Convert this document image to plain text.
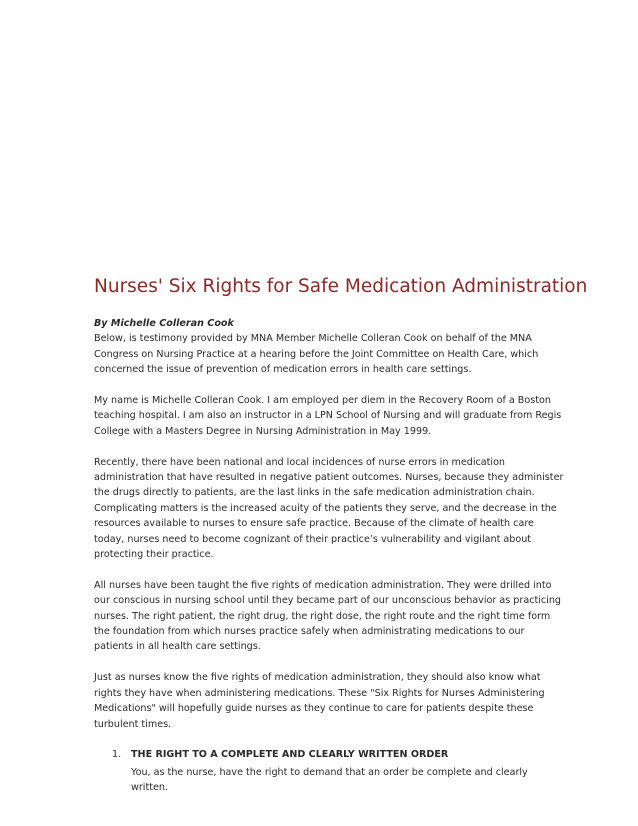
Nurses' Six Rights for Safe Medication Administration

By Michelle Colleran Cook

Below, is testimony provided by MNA Member Michelle Colleran Cook on behalf of the MNA Congress on Nursing Practice at a hearing before the Joint Committee on Health Care, which concerned the issue of prevention of medication errors in health care settings.

My name is Michelle Colleran Cook. I am employed per diem in the Recovery Room of a Boston teaching hospital. I am also an instructor in a LPN School of Nursing and will graduate from Regis College with a Masters Degree in Nursing Administration in May 1999.

Recently, there have been national and local incidences of nurse errors in medication administration that have resulted in negative patient outcomes. Nurses, because they administer the drugs directly to patients, are the last links in the safe medication administration chain. Complicating matters is the increased acuity of the patients they serve, and the decrease in the resources available to nurses to ensure safe practice. Because of the climate of health care today, nurses need to become cognizant of their practice’s vulnerability and vigilant about protecting their practice.

All nurses have been taught the five rights of medication administration. They were drilled into our conscious in nursing school until they became part of our unconscious behavior as practicing nurses. The right patient, the right drug, the right dose, the right route and the right time form the foundation from which nurses practice safely when administrating medications to our patients in all health care settings.

Just as nurses know the five rights of medication administration, they should also know what rights they have when administering medications. These "Six Rights for Nurses Administering Medications" will hopefully guide nurses as they continue to care for patients despite these turbulent times.

1. THE RIGHT TO A COMPLETE AND CLEARLY WRITTEN ORDER
You, as the nurse, have the right to demand that an order be complete and clearly written.
